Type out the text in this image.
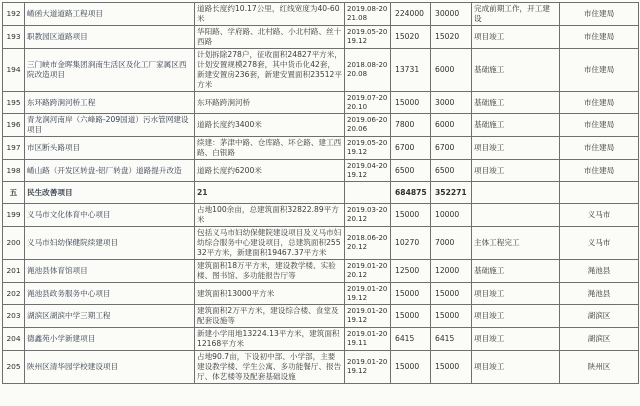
192	崤函大道道路工程项目	道路长度约10.17公里，红线宽度为40-60米	2019.08-2021.08	224000	30000	完成前期工作，开工建设	市住建局
193	职教园区道路项目	华阳路、学府路、北村路、小北村路、丝十西路	2019.05-2019.12	15020	15020	项目竣工	市住建局
194	三门峡市金晖集团涧南生活区及化工厂家属区西院改造项目	计划拆除278户，征收面积24827平方米，计划安置规模278套，其中货币化42套，新建安置房236套，新建安置面积23512平方米	2018.08-2020.08	13731	6000	基础施工	市住建局
195	东环路跨涧河桥工程	东环路跨涧河桥	2019.07-2020.10	15000	3000	基础施工	市住建局
196	青龙涧河南岸（六峰路-209国道）污水管网建设项目	道路长度约3400米	2019.06-2020.06	7800	6000	基础施工	市住建局
197	市区断头路项目	续建：茅津中路、仓库路、坏仑路、建工西路、白银路	2019.05-2019.12	6700	6700	项目竣工	市住建局
198	崤山路（开发区转盘-铝厂转盘）道路提升改造	道路长度约6200米	2019.04-2019.12	6500	6500	项目竣工	市住建局
五	民生改善项目	21		684875	352271		
199	义马市文化体育中心项目	占地100余亩，总建筑面积32822.89平方米	2019.03-2020.12	15000	10000		义马市
200	义马市妇幼保健院续建项目	包括义马市妇幼保健院建设项目及义马市妇幼综合服务中心建设项目，总建筑面积25532平方米，新建面积19467.37平方米	2018.06-2020.12	10270	7000	主体工程完工	义马市
201	渑池县体育馆项目	建筑面积18万平方米，建设教学楼、实验楼、图书馆、多功能报告厅等	2019.01-2020.12	12500	12000	基础施工	渑池县
202	渑池县政务服务中心项目	建筑面积13000平方米	2019.01-2019.12	15000	15000	项目竣工	渑池县
203	湖滨区湖滨中学三期工程	建筑面积2万平方米，建设综合楼、食堂及配套设施等	2019.01-2019.12	15000	15000	项目竣工	湖滨区
204	德鑫苑小学新建项目	新建小学用地13224.13平方米，建筑面积12168平方米	2019.01-2019.11	6415	6415	项目竣工	湖滨区
205	陕州区清华园学校建设项目	占地90.7亩，下设初中部、小学部，主要建设教学楼、学生公寓、多功能餐厅、报告厅、体艺楼等及配套基础设施	2019.01-2019.12	15000	15000	项目竣工	陕州区
